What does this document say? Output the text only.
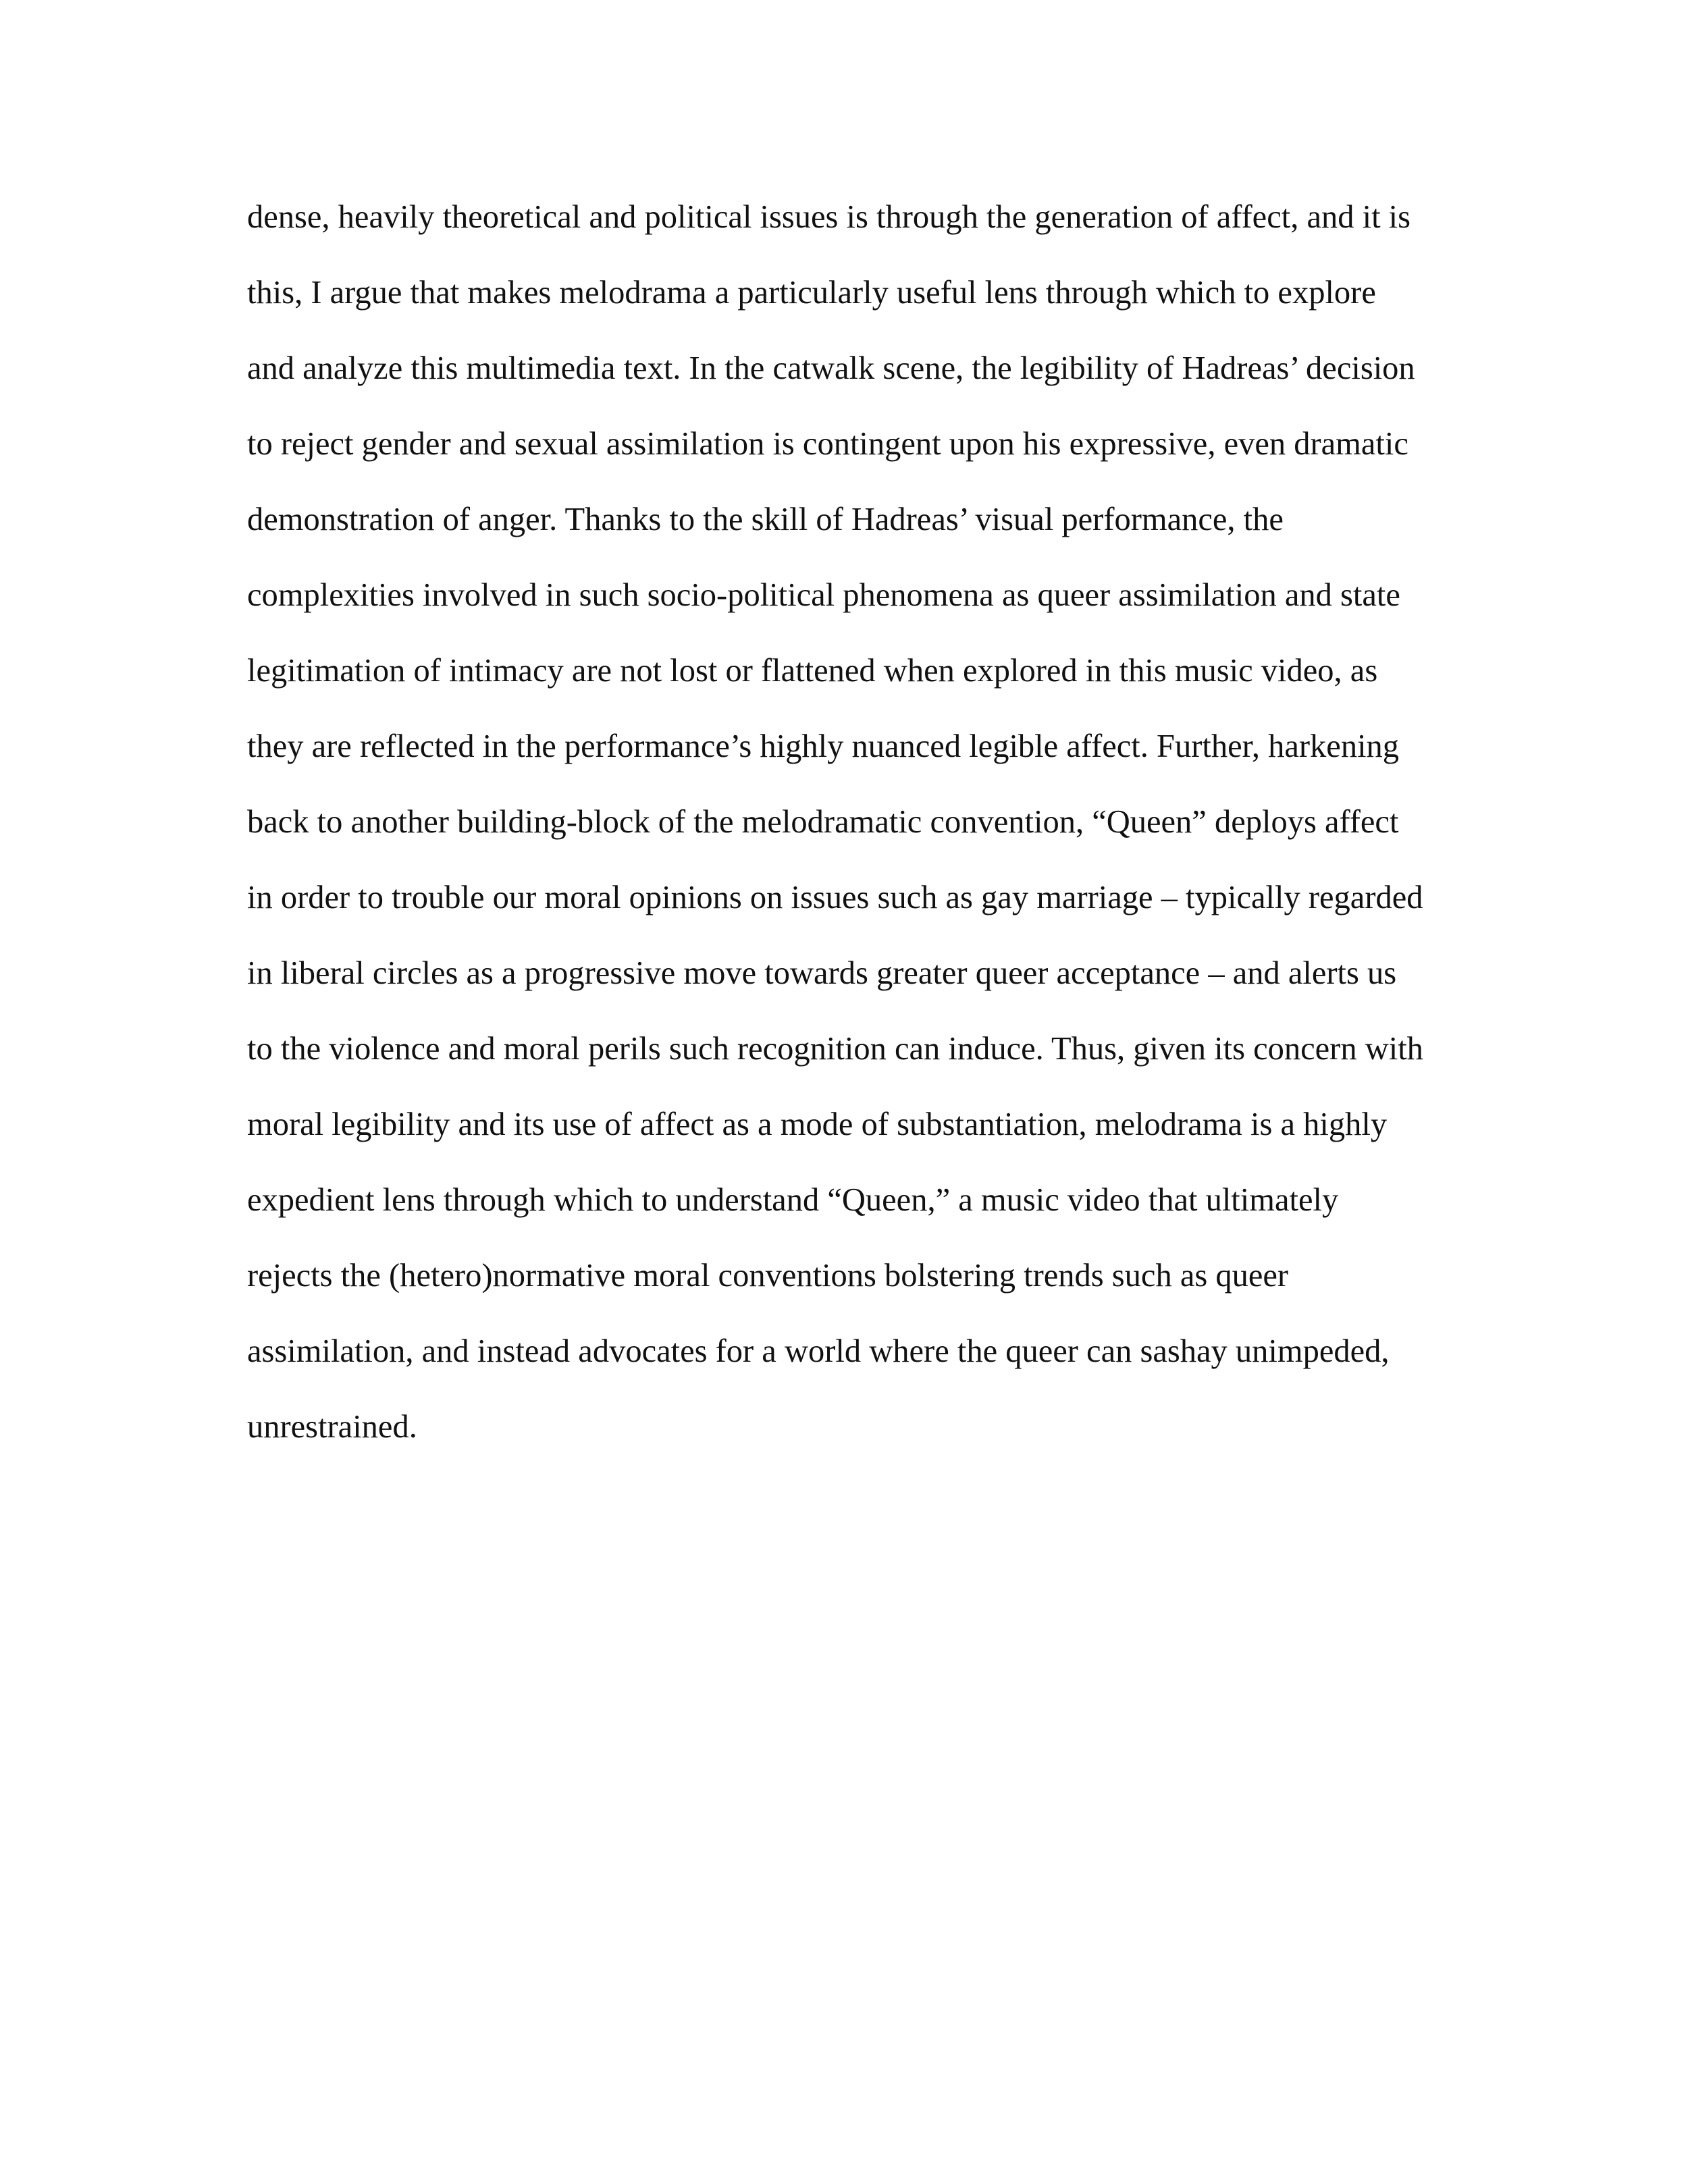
dense, heavily theoretical and political issues is through the generation of affect, and it is
this, I argue that makes melodrama a particularly useful lens through which to explore
and analyze this multimedia text. In the catwalk scene, the legibility of Hadreas’ decision
to reject gender and sexual assimilation is contingent upon his expressive, even dramatic
demonstration of anger. Thanks to the skill of Hadreas’ visual performance, the
complexities involved in such socio-political phenomena as queer assimilation and state
legitimation of intimacy are not lost or flattened when explored in this music video, as
they are reflected in the performance’s highly nuanced legible affect. Further, harkening
back to another building-block of the melodramatic convention, “Queen” deploys affect
in order to trouble our moral opinions on issues such as gay marriage – typically regarded
in liberal circles as a progressive move towards greater queer acceptance – and alerts us
to the violence and moral perils such recognition can induce. Thus, given its concern with
moral legibility and its use of affect as a mode of substantiation, melodrama is a highly
expedient lens through which to understand “Queen,” a music video that ultimately
rejects the (hetero)normative moral conventions bolstering trends such as queer
assimilation, and instead advocates for a world where the queer can sashay unimpeded,
unrestrained.
